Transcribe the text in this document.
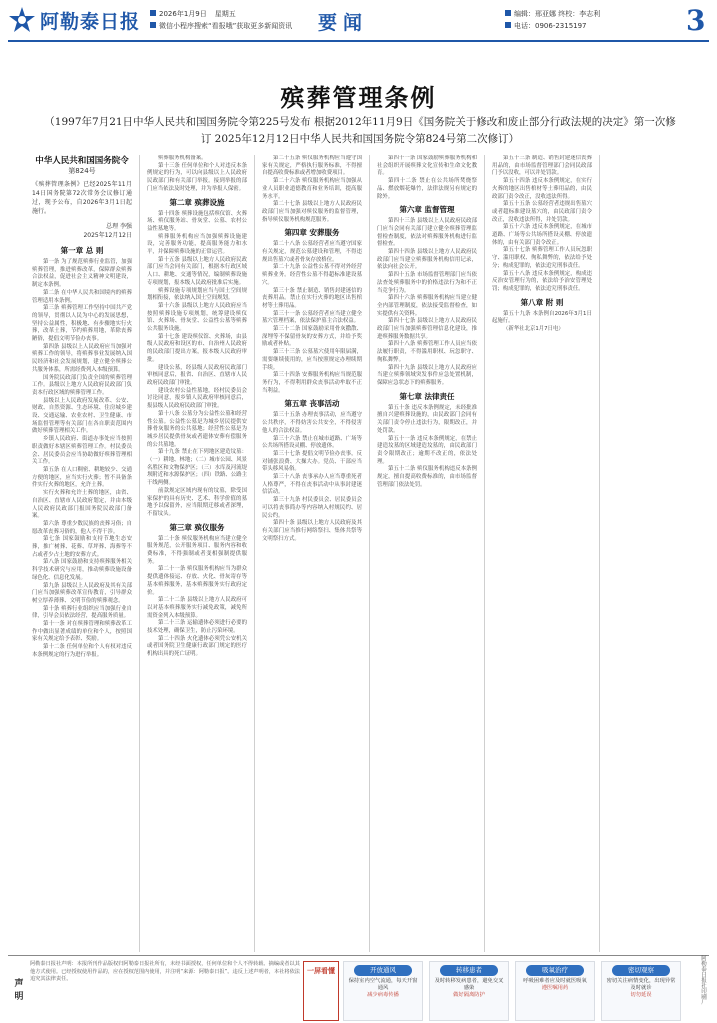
阿勒泰日报	2026年1月9日 星期五
微信小程序搜索“看报哦”获取更多新闻资讯 要闻	编辑：邢亚娜 终校：李志利
电话：0906-2315197	3
殡葬管理条例
（1997年7月21日中华人民共和国国务院令第225号发布 根据2012年11月9日《国务院关于修改和废止部分行政法规的决定》第一次修订 2025年12月12日中华人民共和国国务院令第824号第二次修订）
中华人民共和国国务院令
第824号
《殡葬管理条例》已经2025年11月14日国务院第72次常务会议修订通过，现予公布，自2026年3月1日起施行。
总理 李强
2025年12月12日
第一章 总 则

第一条 为了规范殡葬行业监管，加强殡葬管理，推进殡葬改革，保障群众殡葬合法权益，促进社会主义精神文明建设，制定本条例。

第二条 在中华人民共和国境内的殡葬管理适用本条例。

第三条 殡葬管理工作坚持中国共产党的领导，贯彻以人民为中心的发展思想，坚持公益属性，积极地、有步骤地实行火葬，改革土葬，节约殡葬用地，革除丧葬陋俗，提倡文明节俭办丧事。

第四条 县级以上人民政府应当加强对殡葬工作的领导，将殡葬事业发展纳入国民经济和社会发展规划，建立健全殡葬公共服务体系，所需经费列入本级预算。

国务院民政部门负责全国的殡葬管理工作。县级以上地方人民政府民政部门负责本行政区域的殡葬管理工作。

县级以上人民政府发展改革、公安、财政、自然资源、生态环境、住房城乡建设、交通运输、农业农村、卫生健康、市场监督管理等有关部门在各自职责范围内做好殡葬管理相关工作。

乡镇人民政府、街道办事处应当按照职责做好本辖区殡葬管理工作。村民委员会、居民委员会应当协助做好殡葬管理相关工作。

第五条 在人口稠密、耕地较少、交通方便的地区，应当实行火葬；暂不具备条件实行火葬的地区，允许土葬。

实行火葬和允许土葬的地区，由省、自治区、直辖市人民政府划定，并由本级人民政府民政部门报国务院民政部门备案。

第六条 尊重少数民族的丧葬习俗；自愿改革丧葬习俗的，他人不得干涉。

第七条 国家鼓励和支持节地生态安葬，推广树葬、花葬、草坪葬、海葬等不占或者少占土地的安葬方式。

第八条 国家鼓励和支持殡葬服务相关科学技术研究与应用，推动殡葬设施设备绿色化、信息化发展。

第九条 县级以上人民政府及其有关部门应当加强殡葬改革宣传教育，引导群众树立厚养薄葬、文明节俭的殡葬观念。

第十条 殡葬行业组织应当加强行业自律，引导会员依法经营，提高服务质量。

第十一条 对在殡葬管理和殡葬改革工作中做出显著成绩的单位和个人，按照国家有关规定给予表彰、奖励。

第十二条 任何单位和个人有权对违反本条例规定的行为进行举报。

殡葬服务机构备案。

第十三条 任何单位和个人对违反本条例规定的行为，可以向县级以上人民政府民政部门和有关部门举报。接到举报的部门应当依法及时处理，并为举报人保密。

第二章 殡葬设施

第十四条 殡葬设施包括殡仪馆、火葬场、殡仪服务站、骨灰堂、公墓、农村公益性墓地等。

殡葬服务机构应当加强殡葬设施建设，完善服务功能，提高服务能力和水平，并保障殡葬设施的正常运营。

第十五条 县级以上地方人民政府民政部门应当会同有关部门，根据本行政区域人口、耕地、交通等情况，编制殡葬设施专项规划，报本级人民政府批准后实施。

殡葬设施专项规划应当与国土空间规划相衔接，依法纳入国土空间规划。

第十六条 县级以上地方人民政府应当按照殡葬设施专项规划，统筹建设殡仪馆、火葬场、骨灰堂、公益性公墓等殡葬公共服务设施。

第十七条 建设殡仪馆、火葬场，由县级人民政府和设区的市、自治州人民政府的民政部门提出方案，报本级人民政府审批。

建设公墓，经县级人民政府民政部门审核同意后，报省、自治区、直辖市人民政府民政部门审批。

建设农村公益性墓地，经村民委员会讨论同意，报乡镇人民政府审核同意后，报县级人民政府民政部门审批。

第十八条 公墓分为公益性公墓和经营性公墓。公益性公墓是为城乡居民提供安葬骨灰服务的公共墓地；经营性公墓是为城乡居民提供骨灰或者遗体安葬有偿服务的公共墓地。

第十九条 禁止在下列地区建造坟墓：（一）耕地、林地；（二）城市公园、风景名胜区和文物保护区；（三）水库及河流堤坝附近和水源保护区；（四）铁路、公路主干线两侧。

前款规定区域内现有的坟墓，除受国家保护的具有历史、艺术、科学价值的墓地予以保留外，应当限期迁移或者深埋，不留坟头。

第三章 殡仪服务

第二十条 殡仪服务机构应当建立健全服务规范，公开服务项目、服务内容和收费标准，不得强制或者变相强制提供服务。

第二十一条 殡仪服务机构应当为群众提供遗体接运、存放、火化、骨灰寄存等基本殡葬服务，基本殡葬服务实行政府定价。

第二十二条 县级以上地方人民政府可以对基本殡葬服务实行减免政策，减免所需资金列入本级预算。

第二十三条 运输遗体必须进行必要的技术处理，确保卫生，防止污染环境。

第二十四条 火化遗体必须凭公安机关或者国务院卫生健康行政部门规定的医疗机构出具的死亡证明。

第二十五条 殡仪服务机构应当遵守国家有关规定，严格执行服务标准，不得擅自提高收费标准或者增加收费项目。

第二十六条 殡仪服务机构应当加强从业人员职业道德教育和业务培训，提高服务水平。

第二十七条 县级以上地方人民政府民政部门应当加强对殡仪服务的监督管理，指导殡仪服务机构规范服务。

第四章 安葬服务

第二十八条 公墓经营者应当遵守国家有关规定，规范公墓建设和管理，不得违规出售墓穴或者骨灰存放格位。

第二十九条 公益性公墓不得对外经营殡葬业务。经营性公墓不得超标准建设墓穴。

第三十条 禁止制造、销售封建迷信的丧葬用品。禁止在实行火葬的地区出售棺材等土葬用品。

第三十一条 公墓经营者应当建立健全墓穴管理档案，依法保护墓主合法权益。

第三十二条 国家鼓励采用骨灰撒散、深埋等不保留骨灰的安葬方式，并给予奖励或者补贴。

第三十三条 公墓墓穴使用年限届满，需要继续使用的，应当按照规定办理续期手续。

第三十四条 安葬服务机构应当规范服务行为，不得利用群众丧事活动牟取不正当利益。

第五章 丧事活动

第三十五条 办理丧事活动，应当遵守公共秩序，不得妨害公共安全，不得侵害他人的合法权益。

第三十六条 禁止在城市道路、广场等公共场所搭设灵棚、停放遗体。

第三十七条 提倡文明节俭办丧事，反对铺张浪费、大操大办。党员、干部应当带头移风易俗。

第三十八条 丧事承办人应当尊重死者人格尊严，不得在丧事活动中从事封建迷信活动。

第三十九条 村民委员会、居民委员会可以将丧事简办等内容纳入村规民约、居民公约。

第四十条 县级以上地方人民政府及其有关部门应当推行网络祭扫、集体共祭等文明祭扫方式。

第四十一条 国家鼓励殡葬服务机构和社会组织开展殡葬文化宣传和生命文化教育。

第四十二条 禁止在公共场所焚烧祭品、燃放烟花爆竹，法律法规另有规定的除外。

第六章 监督管理

第四十三条 县级以上人民政府民政部门应当会同有关部门建立健全殡葬管理监督检查制度，依法对殡葬服务机构进行监督检查。

第四十四条 县级以上地方人民政府民政部门应当建立殡葬服务机构信用记录，依法向社会公开。

第四十五条 市场监督管理部门应当依法查处殡葬服务中的价格违法行为和不正当竞争行为。

第四十六条 殡葬服务机构应当建立健全内部管理制度，依法接受监督检查，如实提供有关资料。

第四十七条 县级以上地方人民政府民政部门应当加强殡葬管理信息化建设，推进殡葬服务数据共享。

第四十八条 殡葬管理工作人员应当依法履行职责，不得滥用职权、玩忽职守、徇私舞弊。

第四十九条 县级以上地方人民政府应当建立殡葬领域突发事件应急处置机制，保障应急状态下的殡葬服务。

第七章 法律责任

第五十条 违反本条例规定，未经批准擅自兴建殡葬设施的，由民政部门会同有关部门责令停止违法行为，限期改正，并处罚款。

第五十一条 违反本条例规定，在禁止建造坟墓的区域建造坟墓的，由民政部门责令限期改正；逾期不改正的，依法处理。

第五十二条 殡仪服务机构违反本条例规定，擅自提高收费标准的，由市场监督管理部门依法处罚。

第五十三条 制造、销售封建迷信丧葬用品的，由市场监督管理部门会同民政部门予以没收，可以并处罚款。

第五十四条 违反本条例规定，在实行火葬的地区出售棺材等土葬用品的，由民政部门责令改正，没收违法所得。

第五十五条 公墓经营者违规出售墓穴或者超标准建设墓穴的，由民政部门责令改正，没收违法所得，并处罚款。

第五十六条 违反本条例规定，在城市道路、广场等公共场所搭设灵棚、停放遗体的，由有关部门责令改正。

第五十七条 殡葬管理工作人员玩忽职守、滥用职权、徇私舞弊的，依法给予处分；构成犯罪的，依法追究刑事责任。

第五十八条 违反本条例规定，构成违反治安管理行为的，依法给予治安管理处罚；构成犯罪的，依法追究刑事责任。

第八章 附 则

第五十九条 本条例自2026年3月1日起施行。

（新华社北京1月7日电）

声明
阿勒泰日报社声明：本报所刊作品版权归阿勒泰日报社所有，未经书面授权，任何单位和个人不得转载、摘编或者以其他方式使用。已经授权使用作品的，应在授权范围内使用，并注明“来源：阿勒泰日报”。违反上述声明者，本社将依法追究其法律责任。
一屏看懂	开放通风
保持室内空气流通，每天开窗通风
减少病毒传播
转移患者
及时转移发病患者，避免交叉感染
做好隔离防护
吸氧治疗
呼吸困难者应及时就医吸氧
遵医嘱用药
密切观察
密切关注病情变化，出现异常及时就诊
切勿延误	阿勒泰日报社印刷厂
